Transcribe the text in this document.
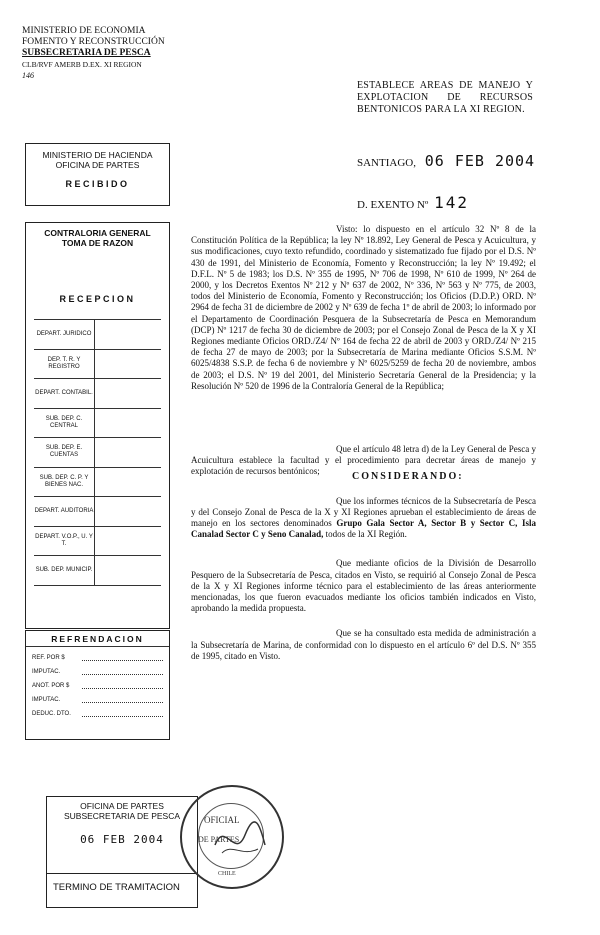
MINISTERIO DE ECONOMIA
FOMENTO Y RECONSTRUCCIÓN
SUBSECRETARIA DE PESCA
CLB/RVF AMERB D.EX. XI REGION
146
ESTABLECE AREAS DE MANEJO Y EXPLOTACION DE RECURSOS BENTONICOS PARA LA XI REGION.
SANTIAGO, 06 FEB 2004
D. EXENTO Nº 142
MINISTERIO DE HACIENDA
OFICINA DE PARTES
RECIBIDO
CONTRALORIA GENERAL
TOMA DE RAZON
RECEPCION
DEPART. JURIDICO
DEP. T. R. Y REGISTRO
DEPART. CONTABIL.
SUB. DEP. C. CENTRAL
SUB. DEP. E. CUENTAS
SUB. DEP. C. P. Y BIENES NAC.
DEPART. AUDITORIA
DEPART. V.O.P., U. Y T.
SUB. DEP. MUNICIP.
REFRENDACION
REF. POR $
IMPUTAC.
ANOT. POR $
IMPUTAC.
DEDUC. DTO.

Visto: lo dispuesto en el artículo 32 Nº 8 de la Constitución Política de la República; la ley Nº 18.892, Ley General de Pesca y Acuicultura, y sus modificaciones, cuyo texto refundido, coordinado y sistematizado fue fijado por el D.S. Nº 430 de 1991, del Ministerio de Economía, Fomento y Reconstrucción; la ley Nº 19.492; el D.F.L. Nº 5 de 1983; los D.S. Nº 355 de 1995, Nº 706 de 1998, Nº 610 de 1999, Nº 264 de 2000, y los Decretos Exentos Nº 212 y Nº 637 de 2002, Nº 336, Nº 563 y Nº 775, de 2003, todos del Ministerio de Economía, Fomento y Reconstrucción; los Oficios (D.D.P.) ORD. Nº 2964 de fecha 31 de diciembre de 2002 y Nº 639 de fecha 1º de abril de 2003; lo informado por el Departamento de Coordinación Pesquera de la Subsecretaría de Pesca en Memorandum (DCP) Nº 1217 de fecha 30 de diciembre de 2003; por el Consejo Zonal de Pesca de la X y XI Regiones mediante Oficios ORD./Z4/ Nº 164 de fecha 22 de abril de 2003 y ORD./Z4/ Nº 215 de fecha 27 de mayo de 2003; por la Subsecretaría de Marina mediante Oficios S.S.M. Nº 6025/4838 S.S.P. de fecha 6 de noviembre y Nº 6025/5259 de fecha 20 de noviembre, ambos de 2003; el D.S. Nº 19 del 2001, del Ministerio Secretaría General de la Presidencia; y la Resolución Nº 520 de 1996 de la Contraloría General de la República;

Que el artículo 48 letra d) de la Ley General de Pesca y Acuicultura establece la facultad y el procedimiento para decretar áreas de manejo y explotación de recursos bentónicos;

Que los informes técnicos de la Subsecretaría de Pesca y del Consejo Zonal de Pesca de la X y XI Regiones aprueban el establecimiento de áreas de manejo en los sectores denominados Grupo Gala Sector A, Sector B y Sector C, Isla Canalad Sector C y Seno Canalad, todos de la XI Región.

Que mediante oficios de la División de Desarrollo Pesquero de la Subsecretaría de Pesca, citados en Visto, se requirió al Consejo Zonal de Pesca de la X y XI Regiones informe técnico para el establecimiento de las áreas anteriormente mencionadas, los que fueron evacuados mediante los oficios también indicados en Visto, aprobando la medida propuesta.

Que se ha consultado esta medida de administración a la Subsecretaría de Marina, de conformidad con lo dispuesto en el artículo 6º del D.S. Nº 355 de 1995, citado en Visto.

CONSIDERANDO:
OFICINA DE PARTES
SUBSECRETARIA DE PESCA
06 FEB 2004
TERMINO DE TRAMITACION
OFICIAL
DE PARTES
CHILE
